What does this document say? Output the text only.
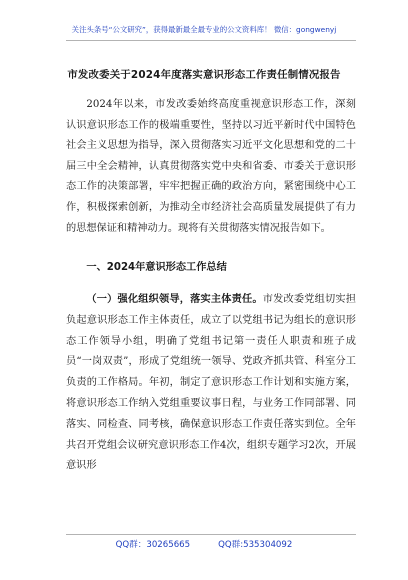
关注头条号“公文研究”，获得最新最全最专业的公文资料库！ 微信：gongwenyj
市发改委关于2024年度落实意识形态工作责任制情况报告

2024年以来，市发改委始终高度重视意识形态工作，深刻认识意识形态工作的极端重要性，坚持以习近平新时代中国特色社会主义思想为指导，深入贯彻落实习近平文化思想和党的二十届三中全会精神，认真贯彻落实党中央和省委、市委关于意识形态工作的决策部署，牢牢把握正确的政治方向，紧密围绕中心工作，积极探索创新，为推动全市经济社会高质量发展提供了有力的思想保证和精神动力。现将有关贯彻落实情况报告如下。

一、2024年意识形态工作总结

（一）强化组织领导，落实主体责任。市发改委党组切实担负起意识形态工作主体责任，成立了以党组书记为组长的意识形态工作领导小组，明确了党组书记第一责任人职责和班子成员“一岗双责”，形成了党组统一领导、党政齐抓共管、科室分工负责的工作格局。年初，制定了意识形态工作计划和实施方案，将意识形态工作纳入党组重要议事日程，与业务工作同部署、同落实、同检查、同考核，确保意识形态工作责任落实到位。全年共召开党组会议研究意识形态工作4次，组织专题学习2次，开展意识形

QQ群：30265665	QQ群:535304092
